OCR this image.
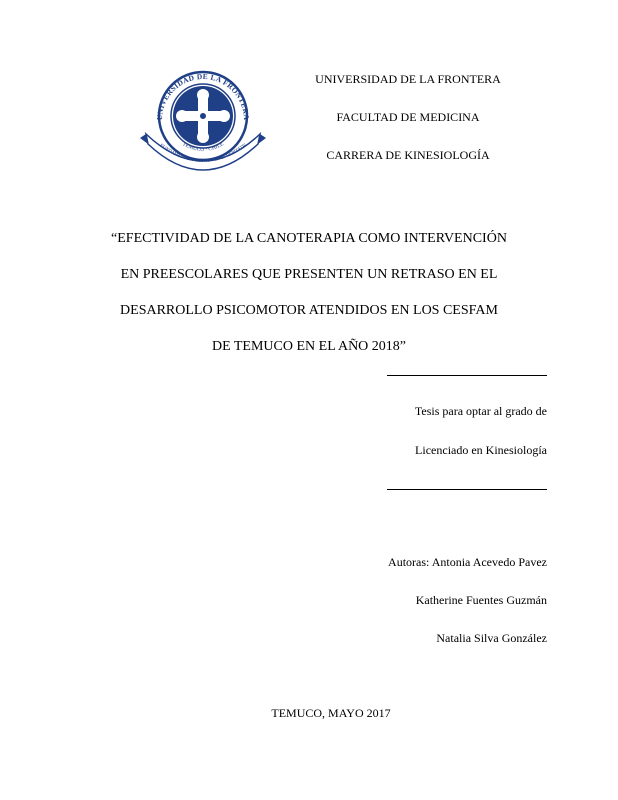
UNIVERSIDAD DE LA FRONTERA
TEMUCO · CHILE
FUNDAMENTUM MENTIS ADAE VERITATIS
UNIVERSIDAD DE LA FRONTERA
FACULTAD DE MEDICINA
CARRERA DE KINESIOLOGÍA
“EFECTIVIDAD DE LA CANOTERAPIA COMO INTERVENCIÓN
EN PREESCOLARES QUE PRESENTEN UN RETRASO EN EL
DESARROLLO PSICOMOTOR ATENDIDOS EN LOS CESFAM
DE TEMUCO EN EL AÑO 2018”
Tesis para optar al grado de
Licenciado en Kinesiología
Autoras: Antonia Acevedo Pavez
Katherine Fuentes Guzmán
Natalia Silva González
TEMUCO, MAYO 2017
